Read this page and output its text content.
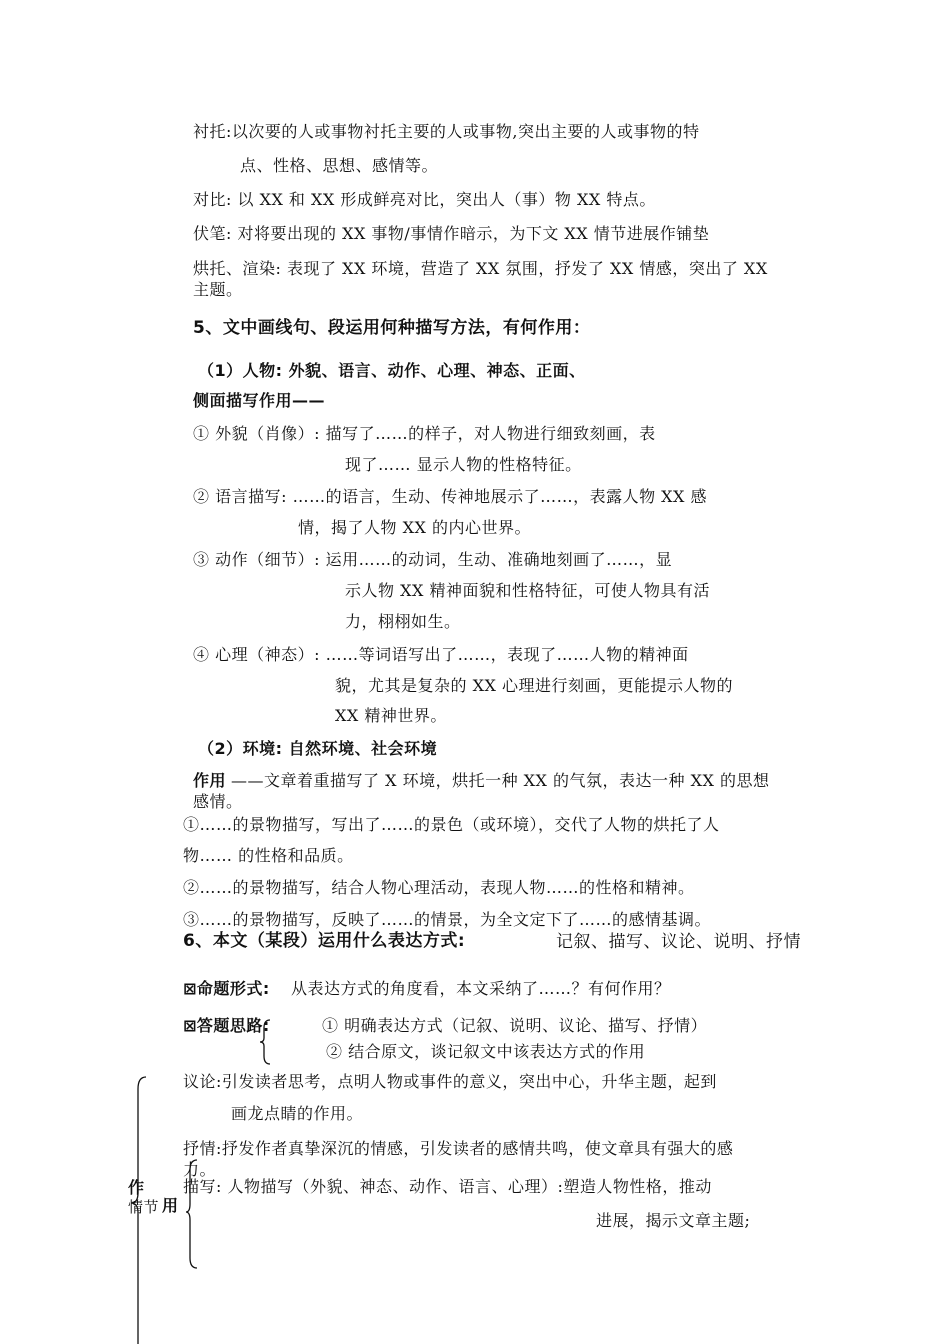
衬托:以次要的人或事物衬托主要的人或事物,突出主要的人或事物的特
点、性格、思想、感情等。
对比: 以 XX 和 XX 形成鲜亮对比，突出人（事）物 XX 特点。
伏笔: 对将要出现的 XX 事物/事情作暗示，为下文 XX 情节进展作铺垫
烘托、渲染: 表现了 XX 环境，营造了 XX 氛围，抒发了 XX 情感，突出了 XX
主题。
5、文中画线句、段运用何种描写方法，有何作用：
（1）人物: 外貌、语言、动作、心理、神态、正面、
侧面描写作用——
① 外貌（肖像）: 描写了……的样子，对人物进行细致刻画，表
现了…… 显示人物的性格特征。
② 语言描写: ……的语言，生动、传神地展示了……，表露人物 XX 感
情，揭了人物 XX 的内心世界。
③ 动作（细节）: 运用……的动词，生动、准确地刻画了……，显
示人物 XX 精神面貌和性格特征，可使人物具有活
力，栩栩如生。
④ 心理（神态）: ……等词语写出了……，表现了……人物的精神面
貌，尤其是复杂的 XX 心理进行刻画，更能提示人物的
XX 精神世界。
（2）环境: 自然环境、社会环境
作用 ——文章着重描写了 X 环境，烘托一种 XX 的气氛，表达一种 XX 的思想
感情。
①……的景物描写，写出了……的景色（或环境），交代了人物的烘托了人
物…… 的性格和品质。
②……的景物描写，结合人物心理活动，表现人物……的性格和精神。
③……的景物描写，反映了……的情景，为全文定下了……的感情基调。
6、本文（某段）运用什么表达方式:	记叙、描写、议论、说明、抒情
⊠命题形式: 从表达方式的角度看，本文采纳了……？有何作用？
⊠答题思路:	① 明确表达方式（记叙、说明、议论、描写、抒情）
② 结合原文，谈记叙文中该表达方式的作用
议论:引发读者思考，点明人物或事件的意义，突出中心，升华主题，起到
画龙点睛的作用。
抒情:抒发作者真挚深沉的情感，引发读者的感情共鸣，使文章具有强大的感
力。
描写: 人物描写（外貌、神态、动作、语言、心理）:塑造人物性格，推动
进展，揭示文章主题;
作
情节 用
